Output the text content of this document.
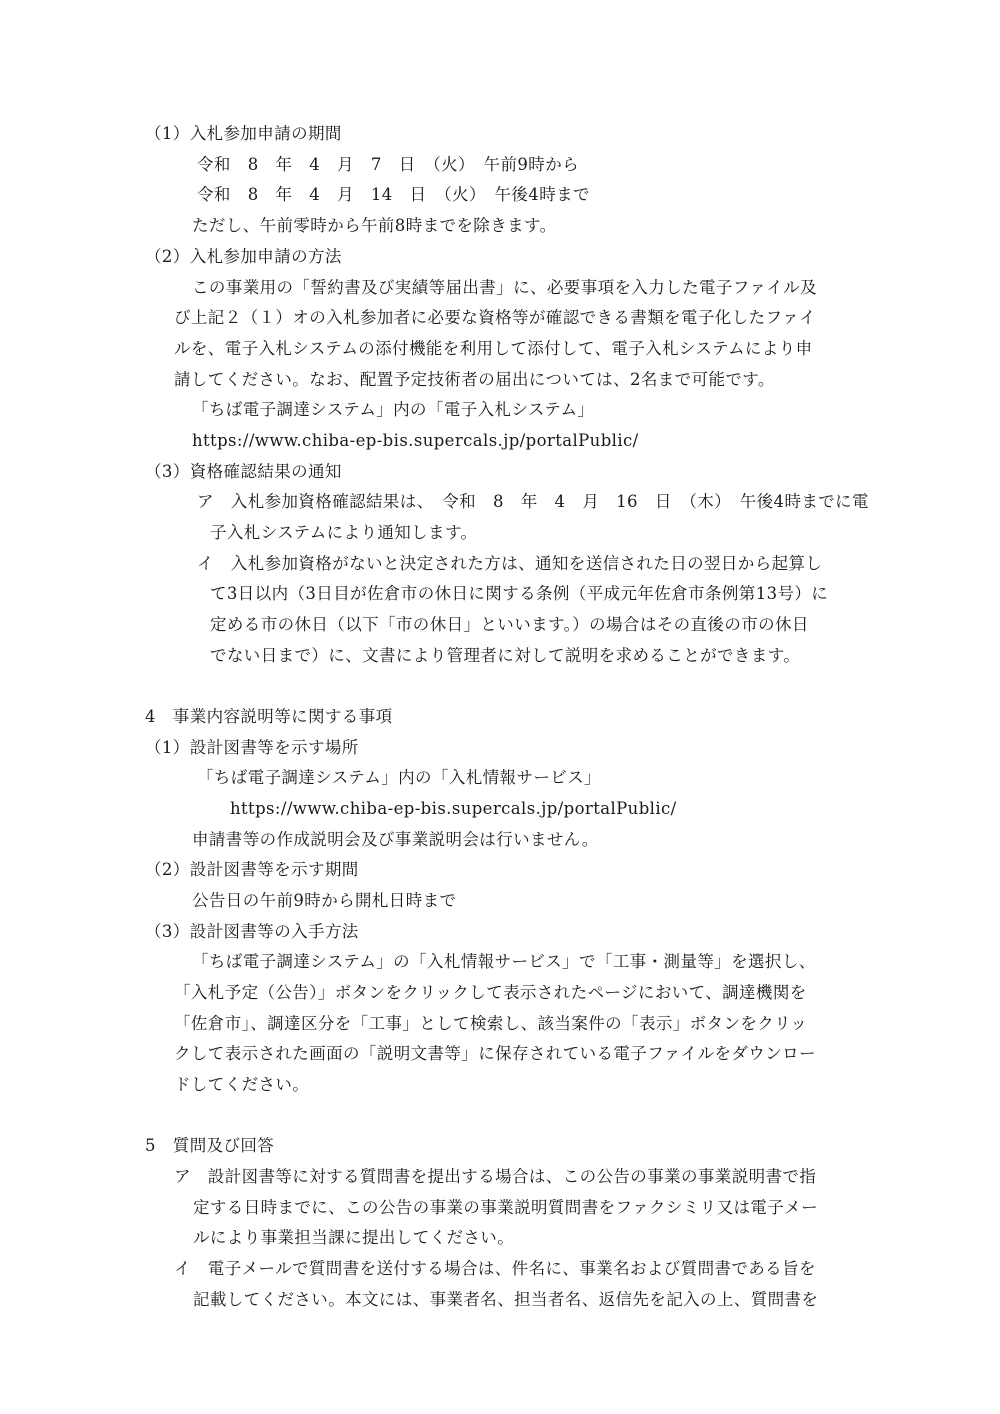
（1）入札参加申請の期間
令和　8　年　4　月　7　日　（火）　午前9時から
令和　8　年　4　月　14　日　（火）　午後4時まで
ただし、午前零時から午前8時までを除きます。
（2）入札参加申請の方法
この事業用の「誓約書及び実績等届出書」に、必要事項を入力した電子ファイル及
び上記２（１）オの入札参加者に必要な資格等が確認できる書類を電子化したファイ
ルを、電子入札システムの添付機能を利用して添付して、電子入札システムにより申
請してください。なお、配置予定技術者の届出については、2名まで可能です。
「ちば電子調達システム」内の「電子入札システム」
https://www.chiba-ep-bis.supercals.jp/portalPublic/
（3）資格確認結果の通知
ア　入札参加資格確認結果は、　令和　8　年　4　月　16　日　（木）　午後4時までに電
子入札システムにより通知します。
イ　入札参加資格がないと決定された方は、通知を送信された日の翌日から起算し
て3日以内（3日目が佐倉市の休日に関する条例（平成元年佐倉市条例第13号）に
定める市の休日（以下「市の休日」といいます。）の場合はその直後の市の休日
でない日まで）に、文書により管理者に対して説明を求めることができます。
4　事業内容説明等に関する事項
（1）設計図書等を示す場所
「ちば電子調達システム」内の「入札情報サービス」
https://www.chiba-ep-bis.supercals.jp/portalPublic/
申請書等の作成説明会及び事業説明会は行いません。
（2）設計図書等を示す期間
公告日の午前9時から開札日時まで
（3）設計図書等の入手方法
「ちば電子調達システム」の「入札情報サービス」で「工事・測量等」を選択し、
「入札予定（公告）」ボタンをクリックして表示されたページにおいて、調達機関を
「佐倉市」、調達区分を「工事」として検索し、該当案件の「表示」ボタンをクリッ
クして表示された画面の「説明文書等」に保存されている電子ファイルをダウンロー
ドしてください。
5　質問及び回答
ア　設計図書等に対する質問書を提出する場合は、この公告の事業の事業説明書で指
定する日時までに、この公告の事業の事業説明質問書をファクシミリ又は電子メー
ルにより事業担当課に提出してください。
イ　電子メールで質問書を送付する場合は、件名に、事業名および質問書である旨を
記載してください。本文には、事業者名、担当者名、返信先を記入の上、質問書を
